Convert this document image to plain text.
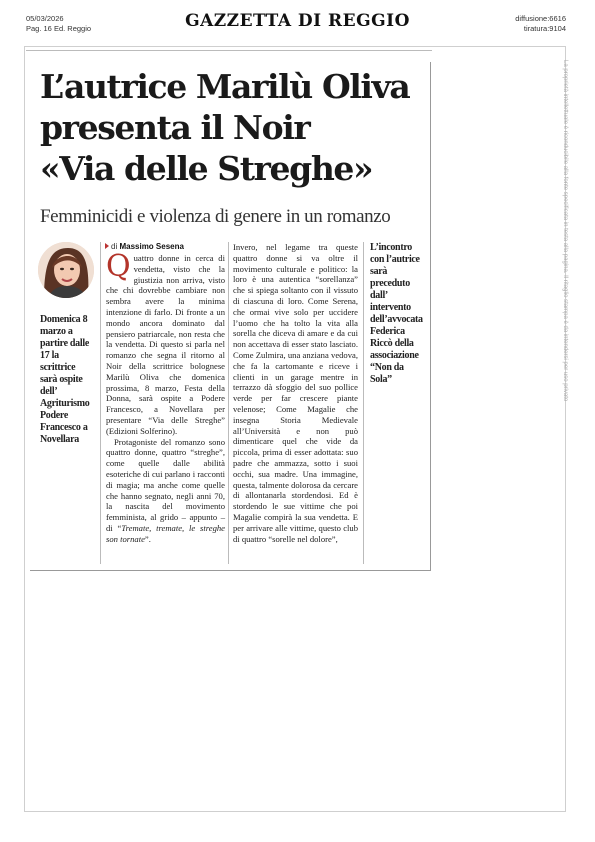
05/03/2026
Pag. 16 Ed. Reggio	GAZZETTA DI REGGIO	diffusione:6616
tiratura:9104
La proprietà intellettuale è riconducibile alla fonte specificata in testa alla pagina. Il ritaglio stampa è da intendersi per uso privato
L’autrice Marilù Oliva
presenta il Noir
«Via delle Streghe»
Femminicidi e violenza di genere in un romanzo
Domenica 8 marzo a partire dalle 17 la scrittrice sarà ospite dell’ Agriturismo Podere Francesco a Novellara
di Massimo Sesena

Quattro donne in cerca di vendetta, visto che la giustizia non arriva, visto che chi dovrebbe cambiare non sembra avere la minima intenzione di farlo. Di fronte a un mondo ancora dominato dal pensiero patriarcale, non resta che la vendetta. Di questo si parla nel romanzo che segna il ritorno al Noir della scrittrice bolognese Marilù Oliva che domenica prossima, 8 marzo, Festa della Donna, sarà ospite a Podere Francesco, a Novellara per presentare “Via delle Streghe” (Edizioni Solferino).

Protagoniste del romanzo sono quattro donne, quattro “streghe”, come quelle dalle abilità esoteriche di cui parlano i racconti di magia; ma anche come quelle che hanno segnato, negli anni 70, la nascita del movimento femminista, al grido – appunto – di “Tremate, tremate, le streghe son tornate”.

Invero, nel legame tra queste quattro donne si va oltre il movimento culturale e politico: la loro è una autentica “sorellanza” che si spiega soltanto con il vissuto di ciascuna di loro. Come Serena, che ormai vive solo per uccidere l’uomo che ha tolto la vita alla sorella che diceva di amare e da cui non accettava di esser stato lasciato. Come Zulmira, una anziana vedova, che fa la cartomante e riceve i clienti in un garage mentre in terrazzo dà sfoggio del suo pollice verde per far crescere piante velenose; Come Magalie che insegna Storia Medievale all’Università e non può dimenticare quel che vide da piccola, prima di esser adottata: suo padre che ammazza, sotto i suoi occhi, sua madre. Una immagine, questa, talmente dolorosa da cercare di allontanarla stordendosi. Ed è stordendo le sue vittime che poi Magalie compirà la sua vendetta. E per arrivare alle vittime, questo club di quattro “sorelle nel dolore”,

L’incontro con l’autrice sarà preceduto dall’ intervento dell’avvocata Federica Riccò della associazione “Non da Sola”
